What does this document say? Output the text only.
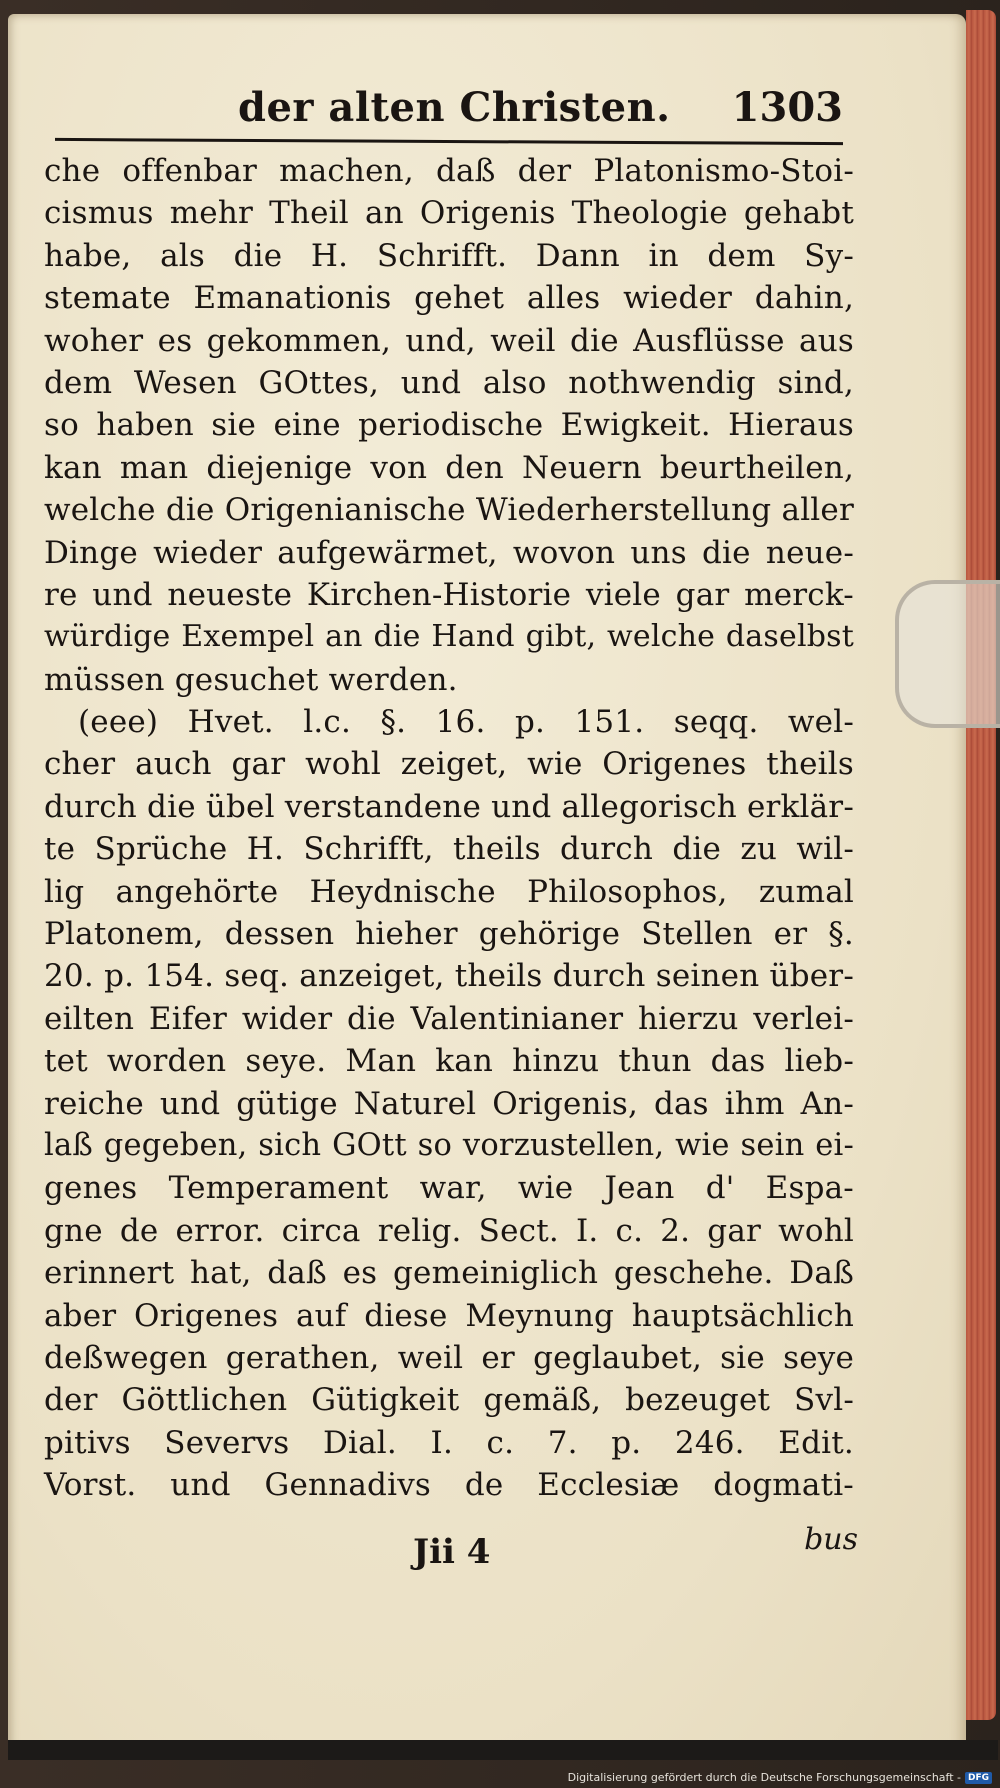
der alten Christen. 1303
che offenbar machen, daß der Platonismo-Stoi-
cismus mehr Theil an Origenis Theologie gehabt
habe, als die H. Schrifft. Dann in dem Sy-
stemate Emanationis gehet alles wieder dahin,
woher es gekommen, und, weil die Ausflüsse aus
dem Wesen GOttes, und also nothwendig sind,
so haben sie eine periodische Ewigkeit. Hieraus
kan man diejenige von den Neuern beurtheilen,
welche die Origenianische Wiederherstellung aller
Dinge wieder aufgewärmet, wovon uns die neue-
re und neueste Kirchen-Historie viele gar merck-
würdige Exempel an die Hand gibt, welche daselbst
müssen gesuchet werden.
(eee) Hvet. l.c. §. 16. p. 151. seqq. wel-
cher auch gar wohl zeiget, wie Origenes theils
durch die übel verstandene und allegorisch erklär-
te Sprüche H. Schrifft, theils durch die zu wil-
lig angehörte Heydnische Philosophos, zumal
Platonem, dessen hieher gehörige Stellen er §.
20. p. 154. seq. anzeiget, theils durch seinen über-
eilten Eifer wider die Valentinianer hierzu verlei-
tet worden seye. Man kan hinzu thun das lieb-
reiche und gütige Naturel Origenis, das ihm An-
laß gegeben, sich GOtt so vorzustellen, wie sein ei-
genes Temperament war, wie Jean d' Espa-
gne de error. circa relig. Sect. I. c. 2. gar wohl
erinnert hat, daß es gemeiniglich geschehe. Daß
aber Origenes auf diese Meynung hauptsächlich
deßwegen gerathen, weil er geglaubet, sie seye
der Göttlichen Gütigkeit gemäß, bezeuget Svl-
pitivs Severvs Dial. I. c. 7. p. 246. Edit.
Vorst. und Gennadivs de Ecclesiæ dogmati-
Jii 4	bus
Digitalisierung gefördert durch die Deutsche Forschungsgemeinschaft - DFG
